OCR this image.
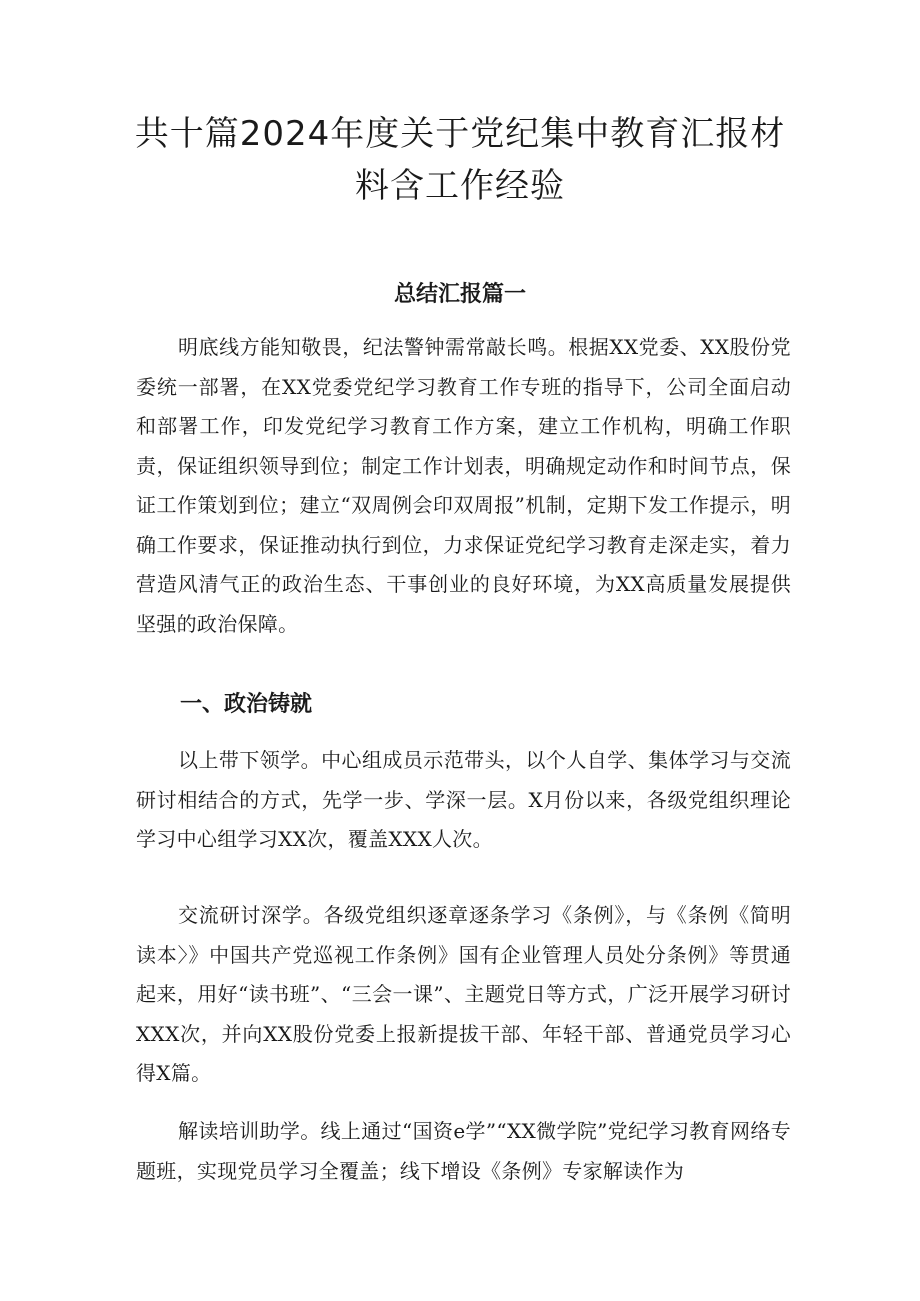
共十篇2024年度关于党纪集中教育汇报材料含工作经验
总结汇报篇一

明底线方能知敬畏，纪法警钟需常敲长鸣。根据XX党委、XX股份党委统一部署，在XX党委党纪学习教育工作专班的指导下，公司全面启动和部署工作，印发党纪学习教育工作方案，建立工作机构，明确工作职责，保证组织领导到位；制定工作计划表，明确规定动作和时间节点，保证工作策划到位；建立“双周例会印双周报”机制，定期下发工作提示，明确工作要求，保证推动执行到位，力求保证党纪学习教育走深走实，着力营造风清气正的政治生态、干事创业的良好环境，为XX高质量发展提供坚强的政治保障。

一、政治铸就

以上带下领学。中心组成员示范带头，以个人自学、集体学习与交流研讨相结合的方式，先学一步、学深一层。X月份以来，各级党组织理论学习中心组学习XX次，覆盖XXX人次。

交流研讨深学。各级党组织逐章逐条学习《条例》，与《条例《简明读本〉》中国共产党巡视工作条例》国有企业管理人员处分条例》等贯通起来，用好“读书班”、“三会一课”、主题党日等方式，广泛开展学习研讨XXX次，并向XX股份党委上报新提拔干部、年轻干部、普通党员学习心得X篇。

解读培训助学。线上通过“国资e学”“XX微学院”党纪学习教育网络专题班，实现党员学习全覆盖；线下增设《条例》专家解读作为
